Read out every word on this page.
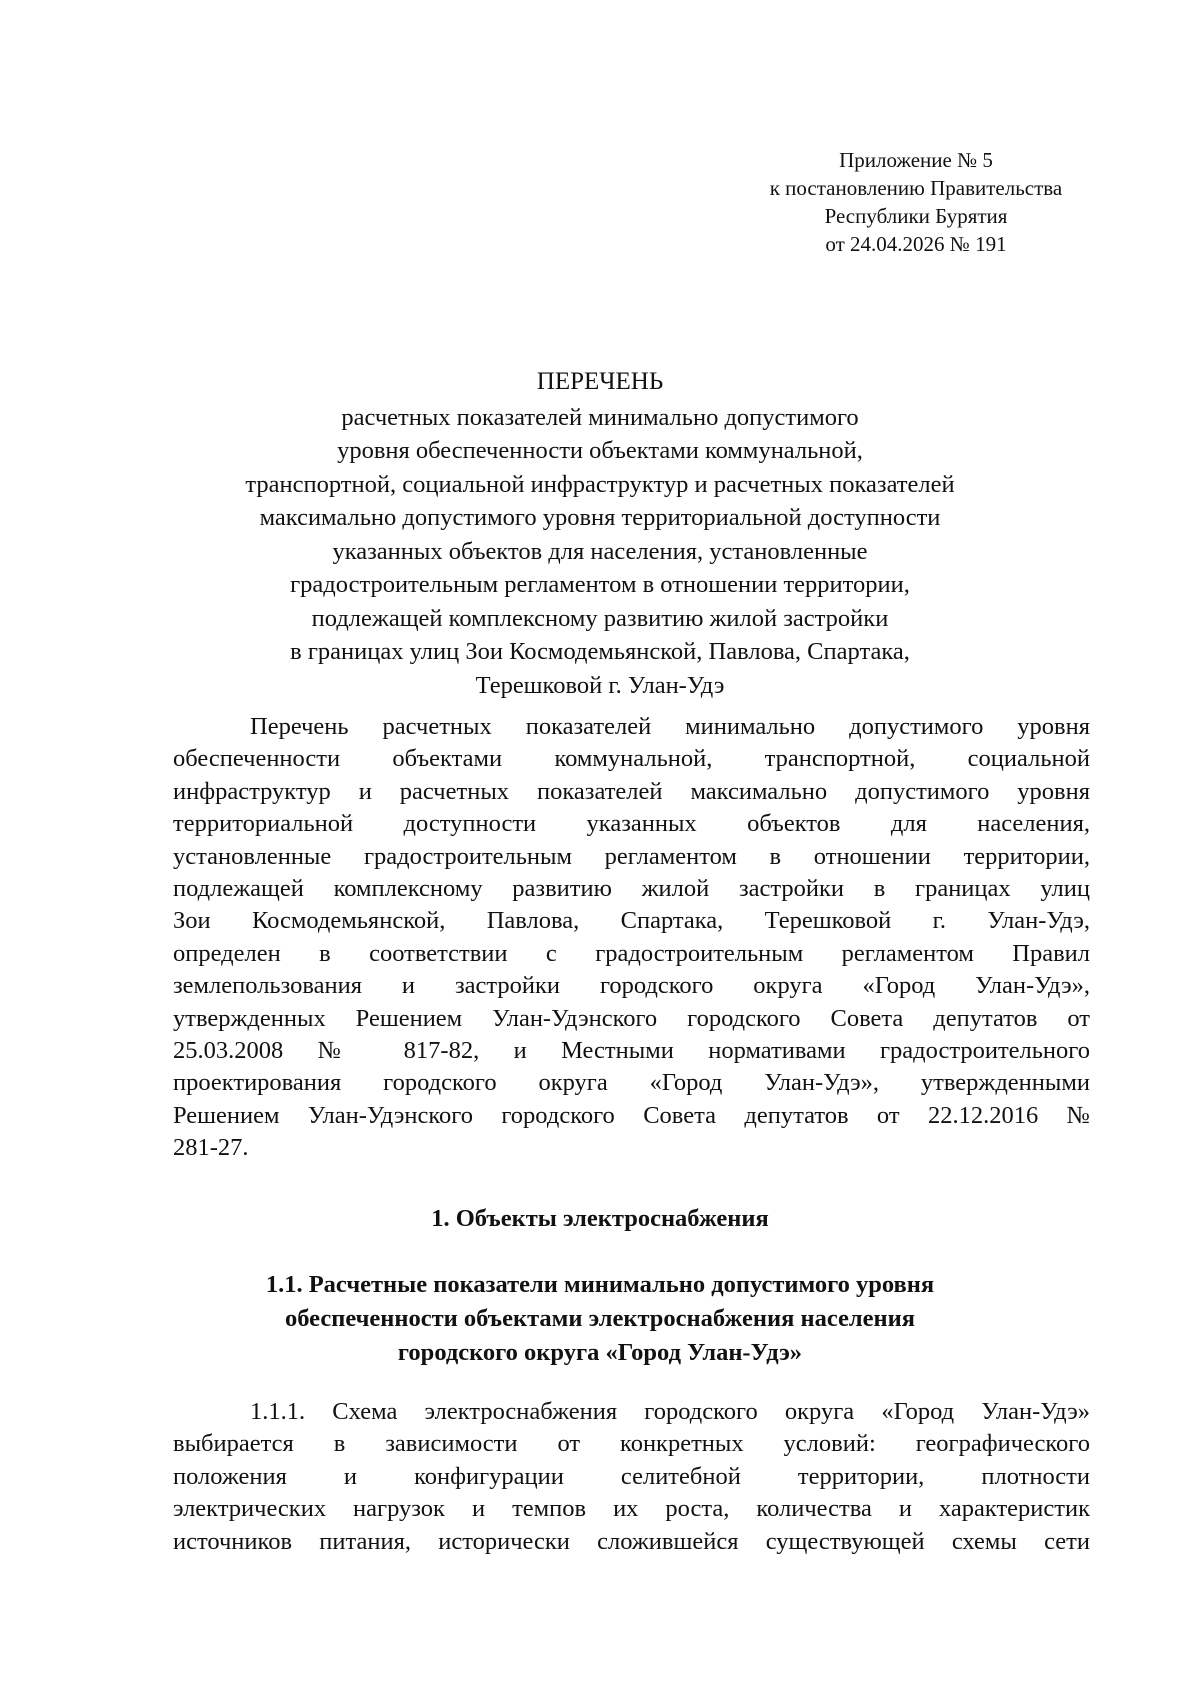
Приложение № 5
к постановлению Правительства
Республики Бурятия
от 24.04.2026 № 191
ПЕРЕЧЕНЬ
расчетных показателей минимально допустимого
уровня обеспеченности объектами коммунальной,
транспортной, социальной инфраструктур и расчетных показателей
максимально допустимого уровня территориальной доступности
указанных объектов для населения, установленные
градостроительным регламентом в отношении территории,
подлежащей комплексному развитию жилой застройки
в границах улиц Зои Космодемьянской, Павлова, Спартака,
Терешковой г. Улан-Удэ
Перечень расчетных показателей минимально допустимого уровня
обеспеченности объектами коммунальной, транспортной, социальной
инфраструктур и расчетных показателей максимально допустимого уровня
территориальной доступности указанных объектов для населения,
установленные градостроительным регламентом в отношении территории,
подлежащей комплексному развитию жилой застройки в границах улиц
Зои Космодемьянской, Павлова, Спартака, Терешковой г. Улан-Удэ,
определен в соответствии с градостроительным регламентом Правил
землепользования и застройки городского округа «Город Улан-Удэ»,
утвержденных Решением Улан-Удэнского городского Совета депутатов от
25.03.2008 № 817-82, и Местными нормативами градостроительного
проектирования городского округа «Город Улан-Удэ», утвержденными
Решением Улан-Удэнского городского Совета депутатов от 22.12.2016 №
281-27.
1. Объекты электроснабжения
1.1. Расчетные показатели минимально допустимого уровня
обеспеченности объектами электроснабжения населения
городского округа «Город Улан-Удэ»
1.1.1. Схема электроснабжения городского округа «Город Улан-Удэ»
выбирается в зависимости от конкретных условий: географического
положения и конфигурации селитебной территории, плотности
электрических нагрузок и темпов их роста, количества и характеристик
источников питания, исторически сложившейся существующей схемы сети
